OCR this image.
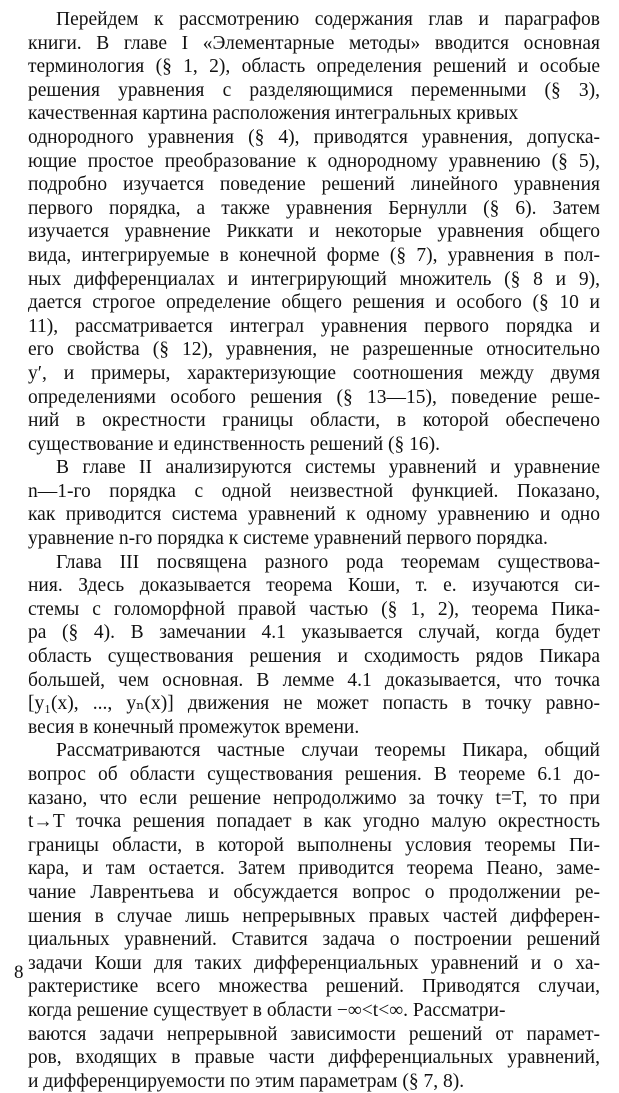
Перейдем к рассмотрению содержания глав и параграфов
книги. В главе I «Элементарные методы» вводится основная
терминология (§ 1, 2), область определения решений и особые
решения уравнения с разделяющимися переменными (§ 3),
качественная картина расположения интегральных кривых
однородного уравнения (§ 4), приводятся уравнения, допуска-
ющие простое преобразование к однородному уравнению (§ 5),
подробно изучается поведение решений линейного уравнения
первого порядка, а также уравнения Бернулли (§ 6). Затем
изучается уравнение Риккати и некоторые уравнения общего
вида, интегрируемые в конечной форме (§ 7), уравнения в пол-
ных дифференциалах и интегрирующий множитель (§ 8 и 9),
дается строгое определение общего решения и особого (§ 10 и
11), рассматривается интеграл уравнения первого порядка и
его свойства (§ 12), уравнения, не разрешенные относительно
y′, и примеры, характеризующие соотношения между двумя
определениями особого решения (§ 13—15), поведение реше-
ний в окрестности границы области, в которой обеспечено
существование и единственность решений (§ 16).

В главе II анализируются системы уравнений и уравнение
n—1-го порядка с одной неизвестной функцией. Показано,
как приводится система уравнений к одному уравнению и одно
уравнение n-го порядка к системе уравнений первого порядка.

Глава III посвящена разного рода теоремам существова-
ния. Здесь доказывается теорема Коши, т. е. изучаются си-
стемы с голоморфной правой частью (§ 1, 2), теорема Пика-
ра (§ 4). В замечании 4.1 указывается случай, когда будет
область существования решения и сходимость рядов Пикара
большей, чем основная. В лемме 4.1 доказывается, что точка
[y₁(x), ..., yₙ(x)] движения не может попасть в точку равно-
весия в конечный промежуток времени.

Рассматриваются частные случаи теоремы Пикара, общий
вопрос об области существования решения. В теореме 6.1 до-
казано, что если решение непродолжимо за точку t=T, то при
t→T точка решения попадает в как угодно малую окрестность
границы области, в которой выполнены условия теоремы Пи-
кара, и там остается. Затем приводится теорема Пеано, заме-
чание Лаврентьева и обсуждается вопрос о продолжении ре-
шения в случае лишь непрерывных правых частей дифферен-
циальных уравнений. Ставится задача о построении решений
задачи Коши для таких дифференциальных уравнений и о ха-
рактеристике всего множества решений. Приводятся случаи,
когда решение существует в области −∞<t<∞. Рассматри-
ваются задачи непрерывной зависимости решений от парамет-
ров, входящих в правые части дифференциальных уравнений,
и дифференцируемости по этим параметрам (§ 7, 8).

8
